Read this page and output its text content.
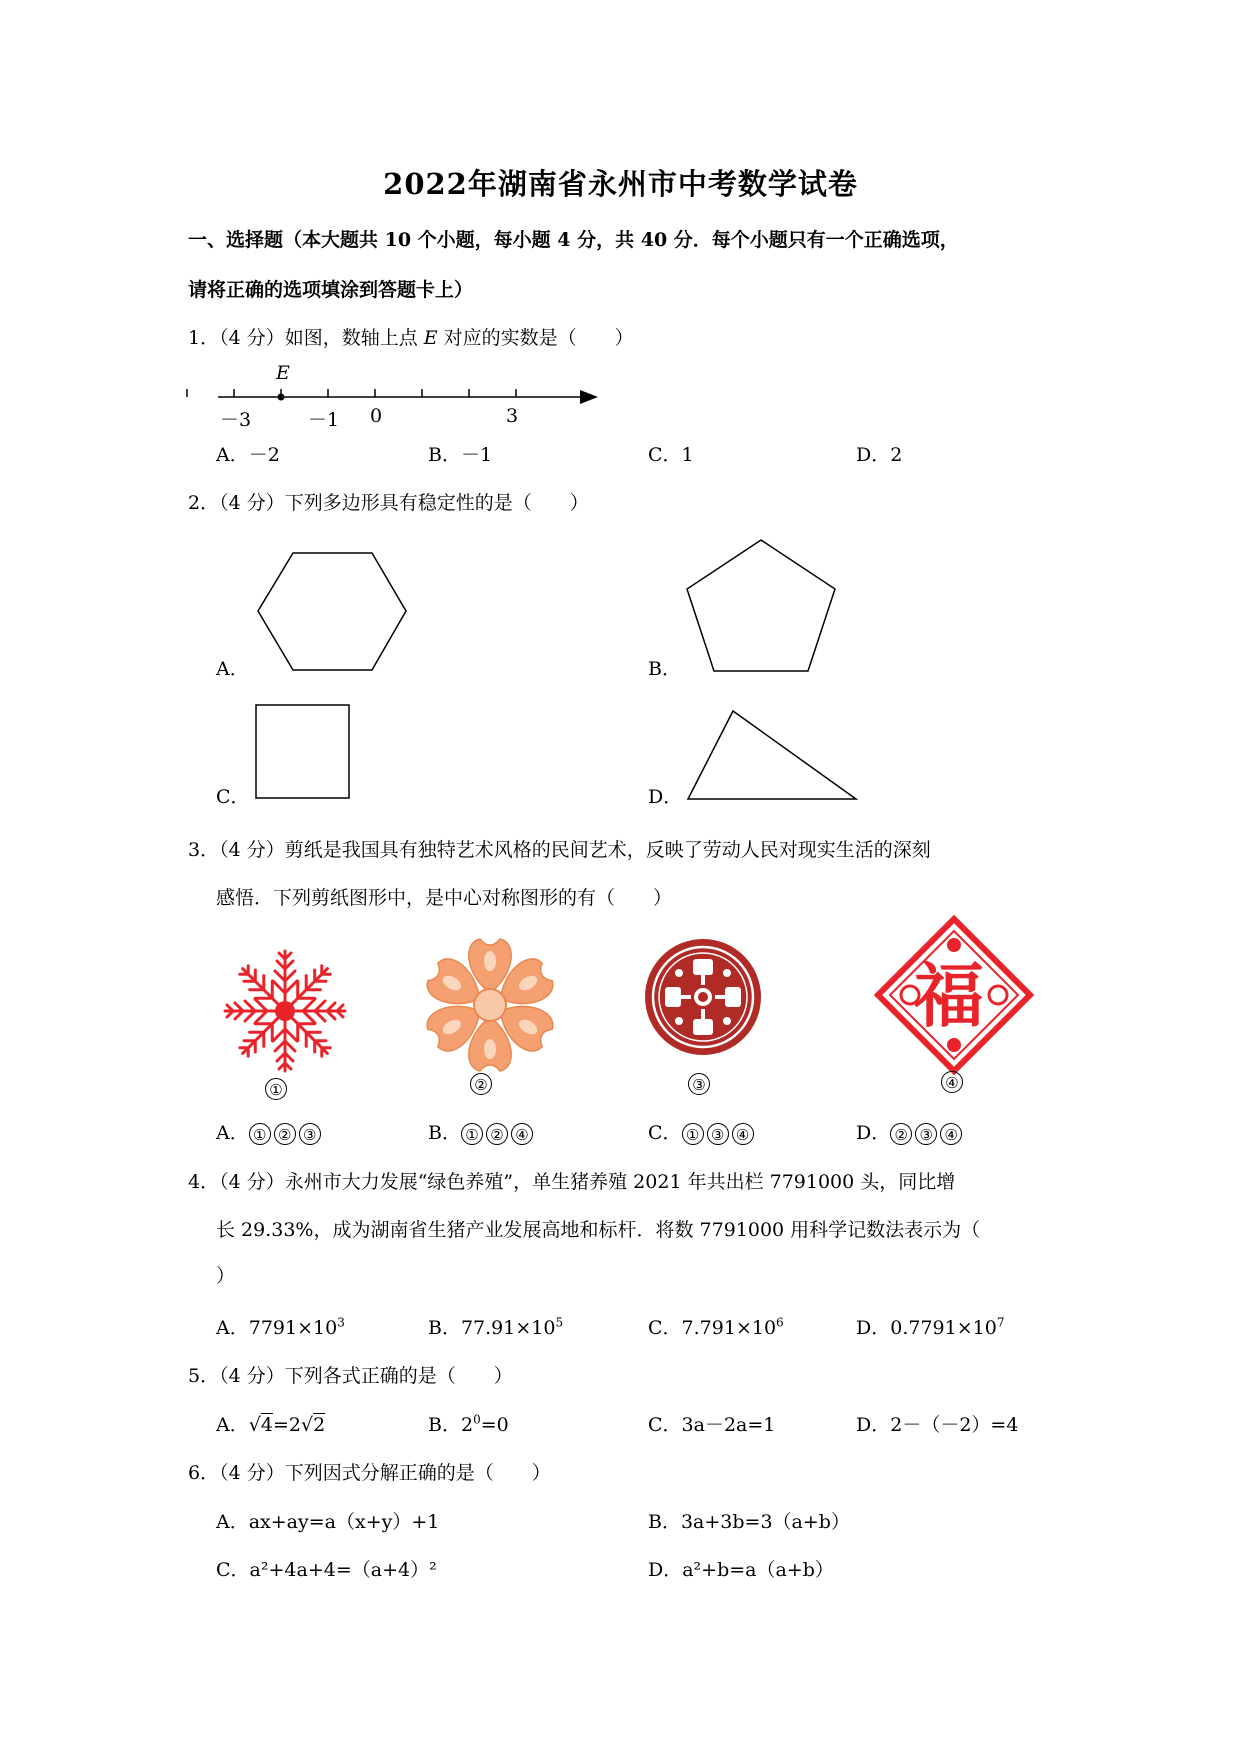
2022年湖南省永州市中考数学试卷
一、选择题（本大题共 10 个小题，每小题 4 分，共 40 分．每个小题只有一个正确选项，
请将正确的选项填涂到答题卡上）
1．（4 分）如图，数轴上点 E 对应的实数是（　　）
E
－3	－1 0	3
A．－2	B．－1	C．1	D．2
2．（4 分）下列多边形具有稳定性的是（　　）
A．	B．
C．	D．
3．（4 分）剪纸是我国具有独特艺术风格的民间艺术，反映了劳动人民对现实生活的深刻
感悟．下列剪纸图形中，是中心对称图形的有（　　）
福
①	②	③	④
A． ① ② ③	B． ① ② ④	C． ① ③ ④	D． ② ③ ④
4．（4 分）永州市大力发展“绿色养殖”，单生猪养殖 2021 年共出栏 7791000 头，同比增
长 29.33%，成为湖南省生猪产业发展高地和标杆．将数 7791000 用科学记数法表示为（
）
A．$7791\times 10^3$	B．$77.91\times 10^5$	C．$7.791\times 10^6$	D．$0.7791\times 10^7$
5．（4 分）下列各式正确的是（　　）
A．√4=2√2	B．$2^0=0$	C．3a－2a=1	D．2－（－2）=4
6．（4 分）下列因式分解正确的是（　　）
A．ax+ay=a（x+y）+1	B．3a+3b=3（a+b）
C．a²+4a+4=（a+4）²	D．a²+b=a（a+b）
